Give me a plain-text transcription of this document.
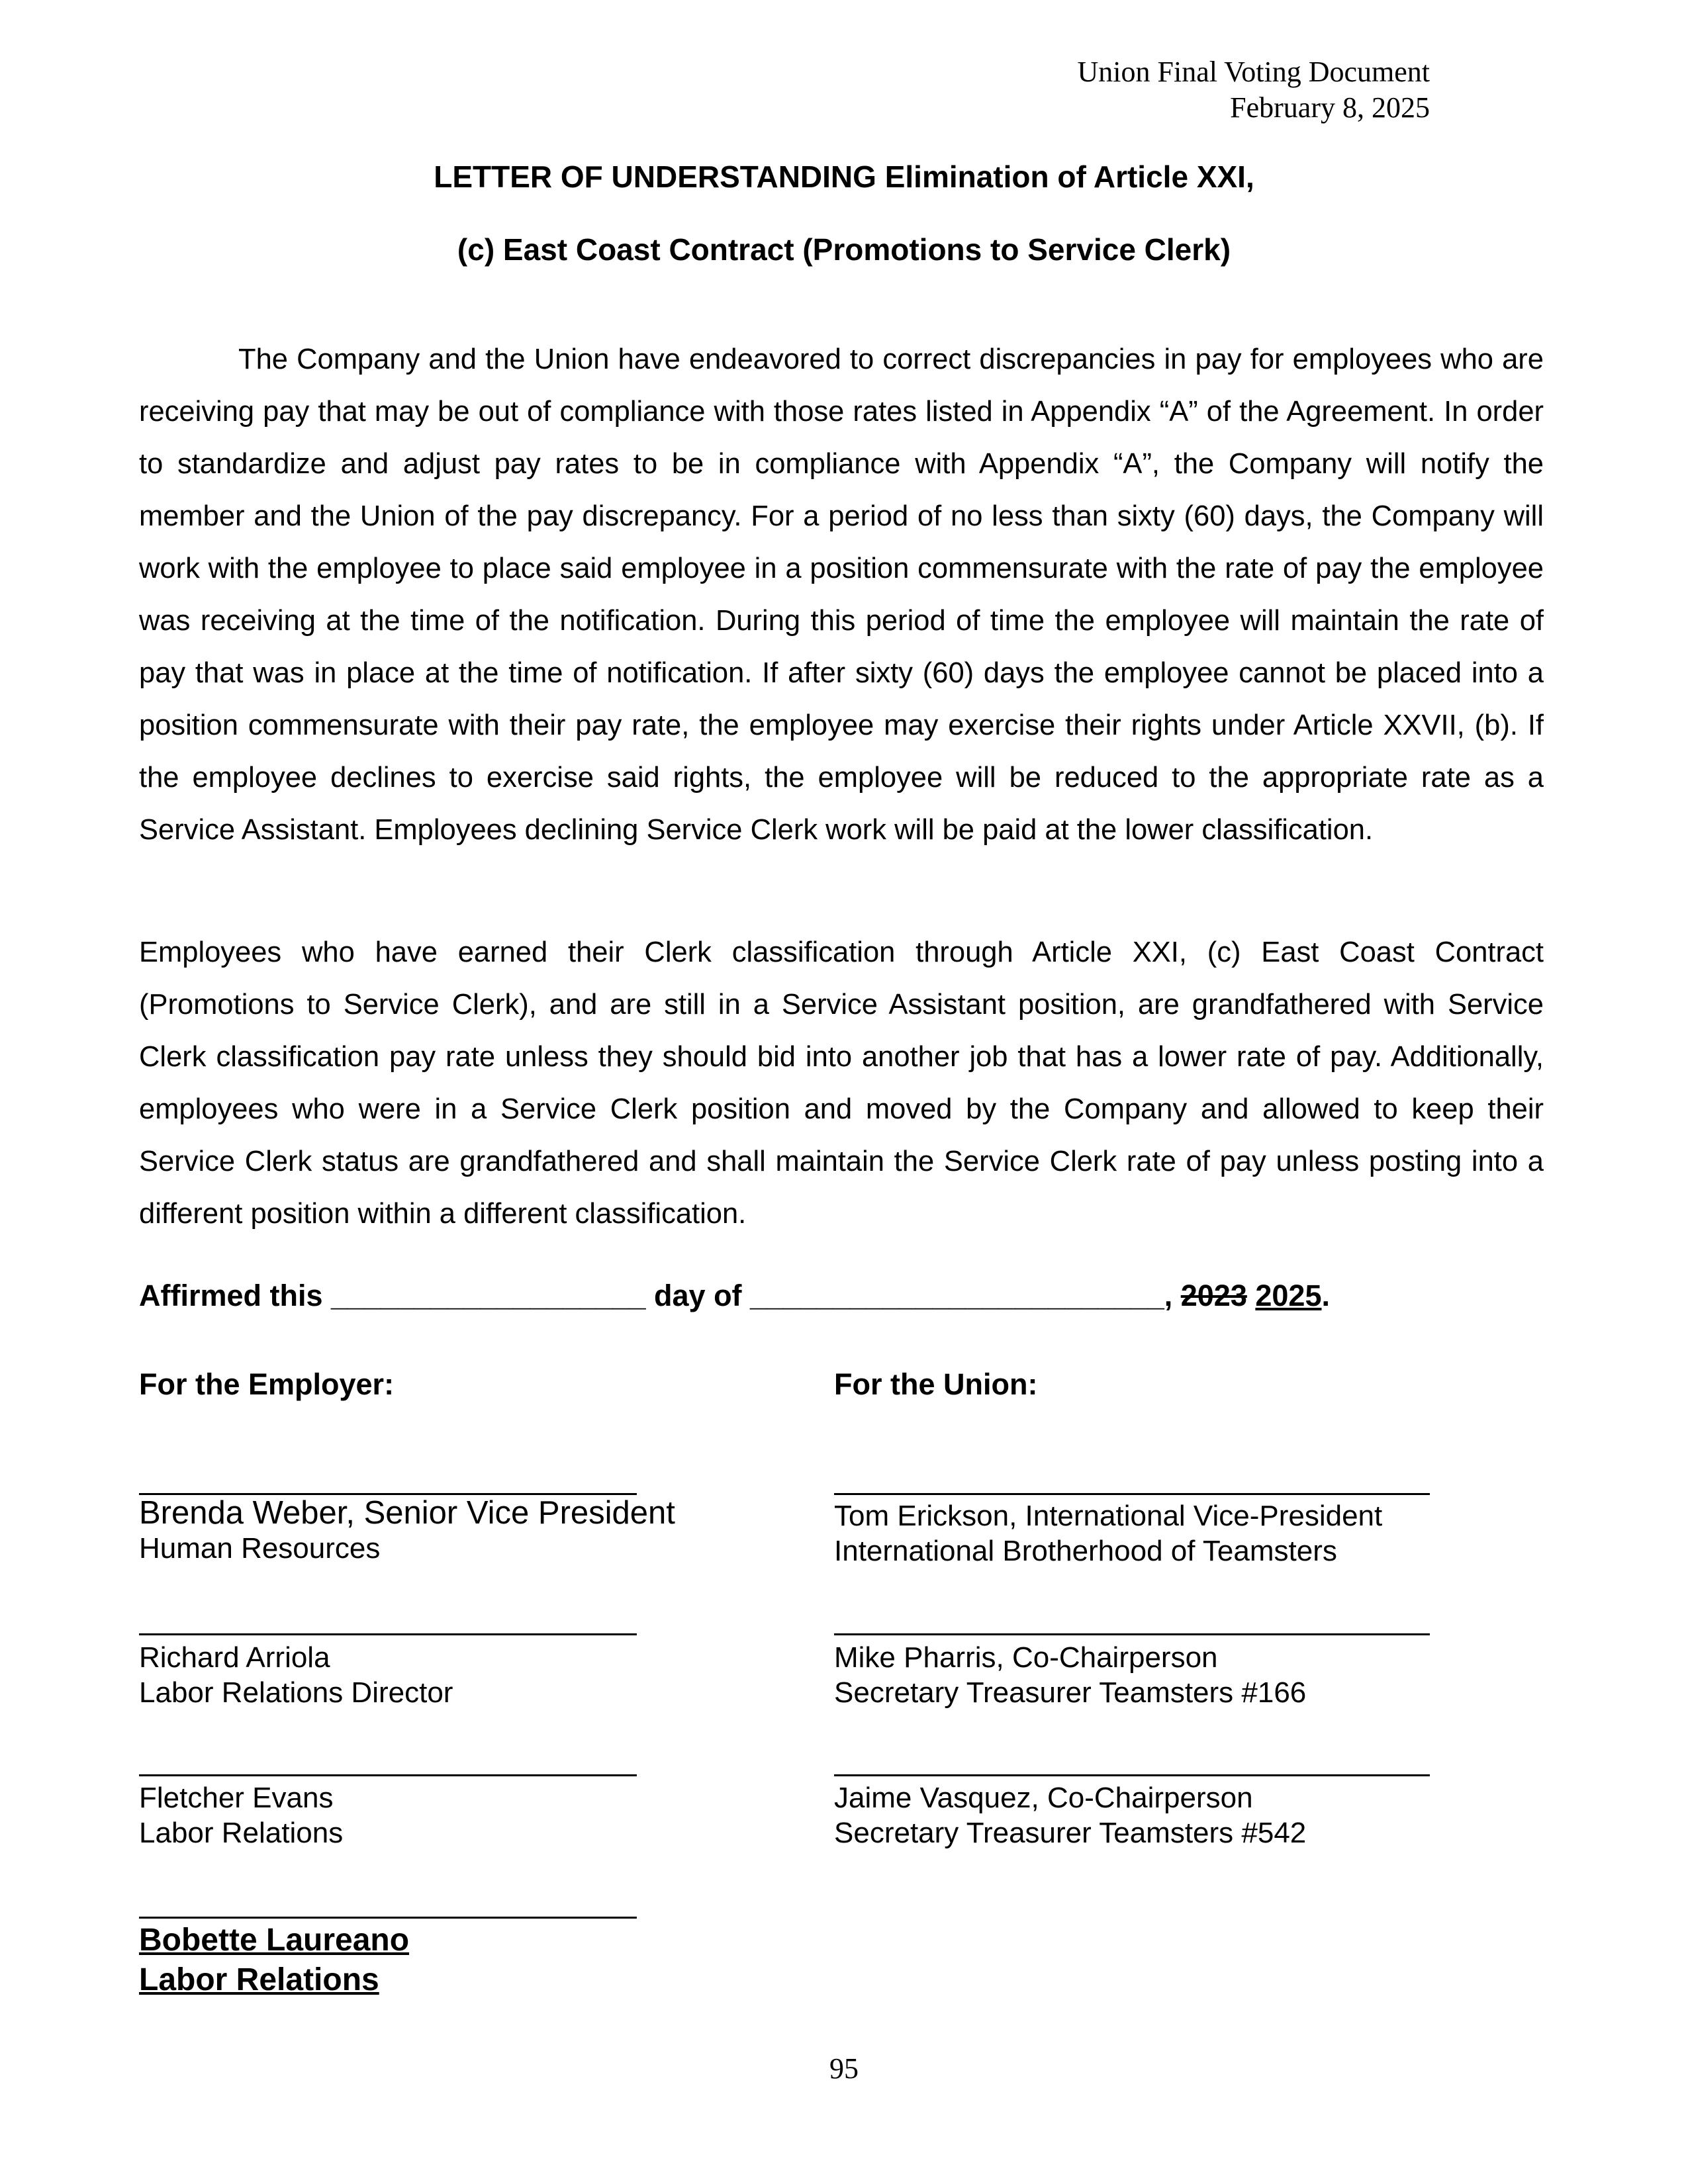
Union Final Voting Document
February 8, 2025
LETTER OF UNDERSTANDING Elimination of Article XXI,
(c) East Coast Contract (Promotions to Service Clerk)

The Company and the Union have endeavored to correct discrepancies in pay for employees who are receiving pay that may be out of compliance with those rates listed in Appendix “A” of the Agreement. In order to standardize and adjust pay rates to be in compliance with Appendix “A”, the Company will notify the member and the Union of the pay discrepancy. For a period of no less than sixty (60) days, the Company will work with the employee to place said employee in a position commensurate with the rate of pay the employee was receiving at the time of the notification. During this period of time the employee will maintain the rate of pay that was in place at the time of notification. If after sixty (60) days the employee cannot be placed into a position commensurate with their pay rate, the employee may exercise their rights under Article XXVII, (b). If the employee declines to exercise said rights, the employee will be reduced to the appropriate rate as a Service Assistant. Employees declining Service Clerk work will be paid at the lower classification.

Employees who have earned their Clerk classification through Article XXI, (c) East Coast Contract (Promotions to Service Clerk), and are still in a Service Assistant position, are grandfathered with Service Clerk classification pay rate unless they should bid into another job that has a lower rate of pay. Additionally, employees who were in a Service Clerk position and moved by the Company and allowed to keep their Service Clerk status are grandfathered and shall maintain the Service Clerk rate of pay unless posting into a different position within a different classification.

Affirmed this ___________________ day of _________________________, 2023 2025.
For the Employer:	For the Union:
Brenda Weber, Senior Vice President
Human Resources
Richard Arriola
Labor Relations Director
Fletcher Evans
Labor Relations
Bobette Laureano
Labor Relations
Tom Erickson, International Vice-President
International Brotherhood of Teamsters
Mike Pharris, Co-Chairperson
Secretary Treasurer Teamsters #166
Jaime Vasquez, Co-Chairperson
Secretary Treasurer Teamsters #542
95
